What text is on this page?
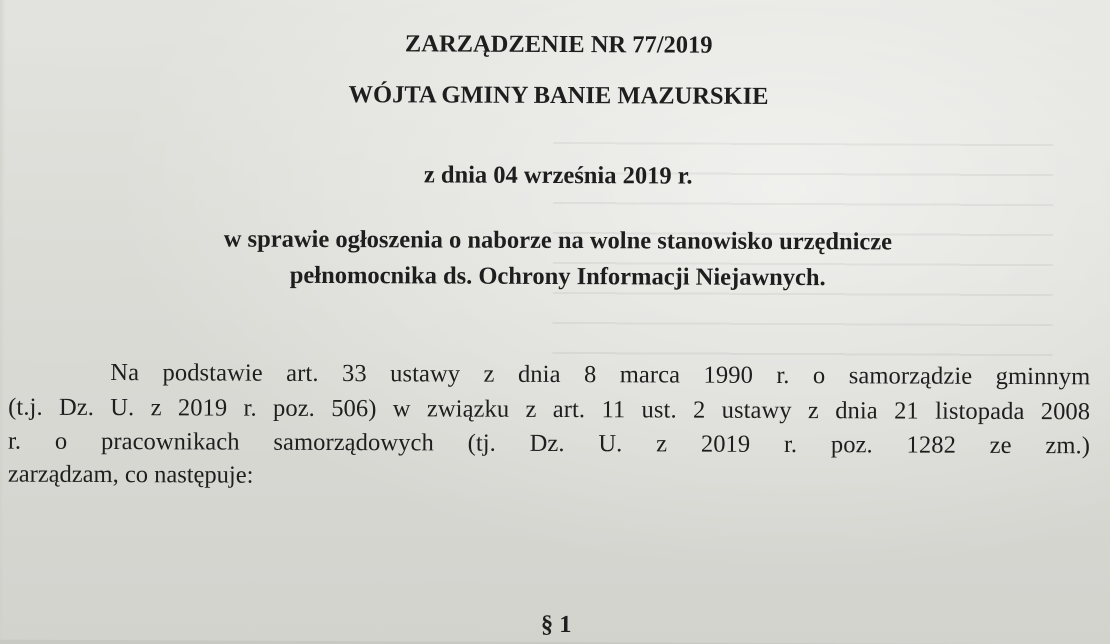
ZARZĄDZENIE NR 77/2019
WÓJTA GMINY BANIE MAZURSKIE
z dnia 04 września 2019 r.
w sprawie ogłoszenia o naborze na wolne stanowisko urzędnicze
pełnomocnika ds. Ochrony Informacji Niejawnych.
Na podstawie art. 33 ustawy z dnia 8 marca 1990 r. o samorządzie gminnym
(t.j. Dz. U. z 2019 r. poz. 506) w związku z art. 11 ust. 2 ustawy z dnia 21 listopada 2008
r. o pracownikach samorządowych (tj. Dz. U. z 2019 r. poz. 1282 ze zm.)
zarządzam, co następuje:
§ 1
